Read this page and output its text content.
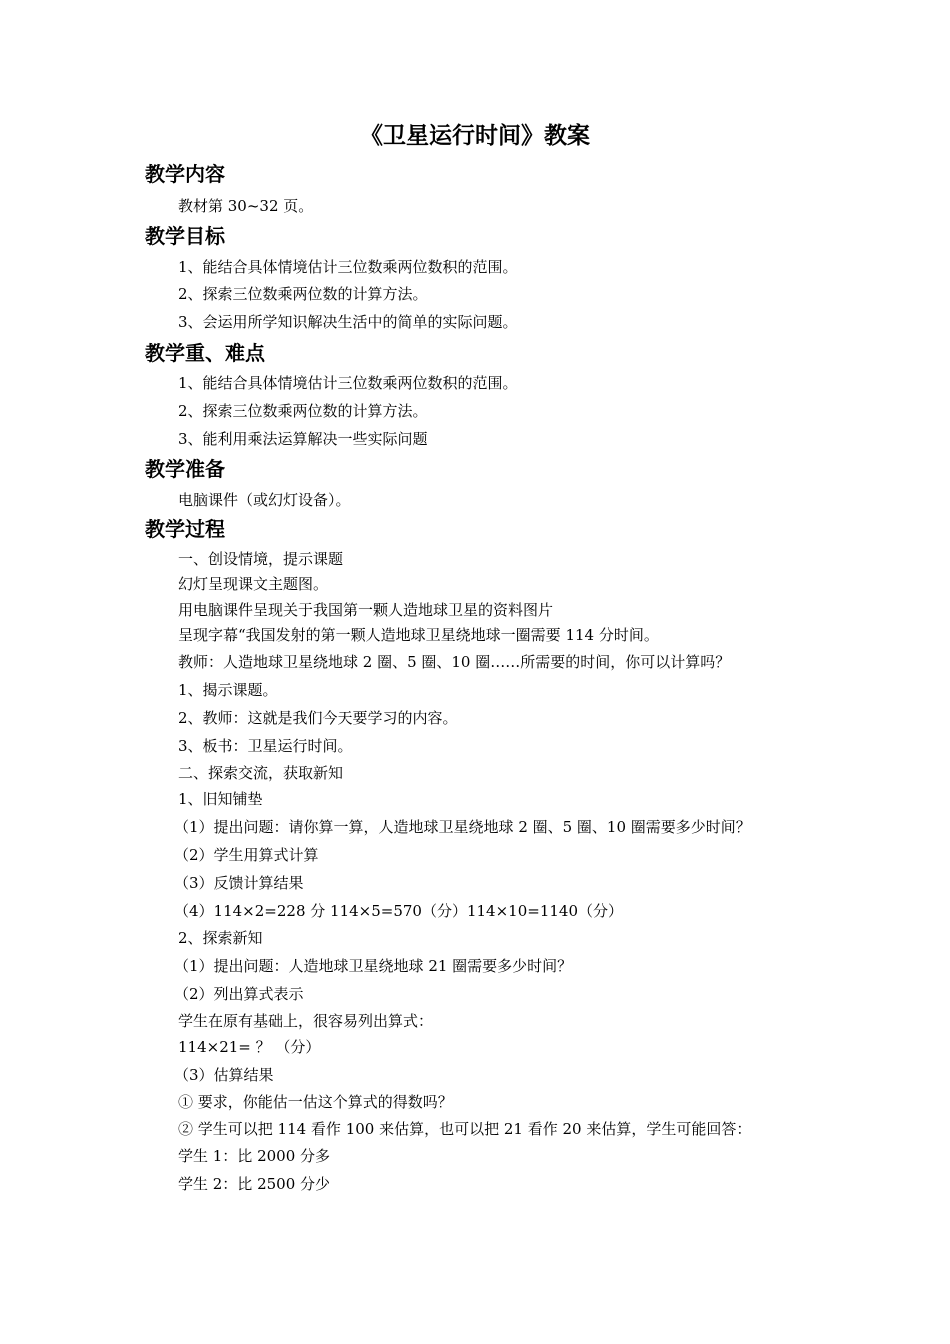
《卫星运行时间》教案
教学内容
教材第 30~32 页。
教学目标
1、能结合具体情境估计三位数乘两位数积的范围。
2、探索三位数乘两位数的计算方法。
3、会运用所学知识解决生活中的简单的实际问题。
教学重、难点
1、能结合具体情境估计三位数乘两位数积的范围。
2、探索三位数乘两位数的计算方法。
3、能利用乘法运算解决一些实际问题
教学准备
电脑课件（或幻灯设备）。
教学过程
一、创设情境，提示课题
幻灯呈现课文主题图。
用电脑课件呈现关于我国第一颗人造地球卫星的资料图片
呈现字幕“我国发射的第一颗人造地球卫星绕地球一圈需要 114 分时间。
教师：人造地球卫星绕地球 2 圈、5 圈、10 圈……所需要的时间，你可以计算吗？
1、揭示课题。
2、教师：这就是我们今天要学习的内容。
3、板书：卫星运行时间。
二、探索交流，获取新知
1、旧知铺垫
（1）提出问题：请你算一算，人造地球卫星绕地球 2 圈、5 圈、10 圈需要多少时间？
（2）学生用算式计算
（3）反馈计算结果
（4）114×2=228 分 114×5=570（分）114×10=1140（分）
2、探索新知
（1）提出问题：人造地球卫星绕地球 21 圈需要多少时间？
（2）列出算式表示
学生在原有基础上，很容易列出算式：
114×21= ？ （分）
（3）估算结果
① 要求，你能估一估这个算式的得数吗？
② 学生可以把 114 看作 100 来估算，也可以把 21 看作 20 来估算，学生可能回答：
学生 1：比 2000 分多
学生 2：比 2500 分少
